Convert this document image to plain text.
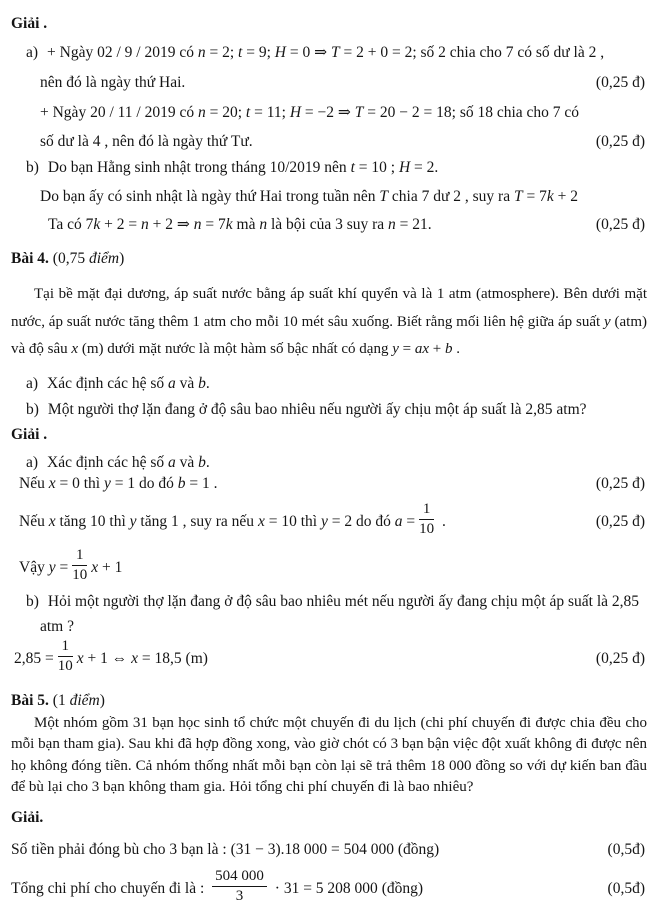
Giải .
a) + Ngày 02 / 9 / 2019 có n = 2; t = 9; H = 0 ⇒ T = 2 + 0 = 2; số 2 chia cho 7 có số dư là 2 ,
nên đó là ngày thứ Hai.	(0,25 đ)
+ Ngày 20 / 11 / 2019 có n = 20; t = 11; H = −2 ⇒ T = 20 − 2 = 18; số 18 chia cho 7 có
số dư là 4 , nên đó là ngày thứ Tư.	(0,25 đ)
b) Do bạn Hằng sinh nhật trong tháng 10/2019 nên t = 10 ; H = 2.
Do bạn ấy có sinh nhật là ngày thứ Hai trong tuần nên T chia 7 dư 2 , suy ra T = 7k + 2
Ta có 7k + 2 = n + 2 ⇒ n = 7k mà n là bội của 3 suy ra n = 21.	(0,25 đ)
Bài 4. (0,75 điểm)
Tại bề mặt đại dương, áp suất nước bằng áp suất khí quyển và là 1 atm (atmosphere). Bên dưới mặt nước, áp suất nước tăng thêm 1 atm cho mỗi 10 mét sâu xuống. Biết rằng mối liên hệ giữa áp suất y (atm) và độ sâu x (m) dưới mặt nước là một hàm số bậc nhất có dạng y = ax + b .
a) Xác định các hệ số a và b.
b) Một người thợ lặn đang ở độ sâu bao nhiêu nếu người ấy chịu một áp suất là 2,85 atm?
Giải .
a) Xác định các hệ số a và b.
Nếu x = 0 thì y = 1 do đó b = 1 .	(0,25 đ)
Nếu x tăng 10 thì y tăng 1 , suy ra nếu x = 10 thì y = 2 do đó $a = \frac{1}{10}$ .	(0,25 đ)
Vậy $y = \frac{1}{10}$ x + 1
b) Hỏi một người thợ lặn đang ở độ sâu bao nhiêu mét nếu người ấy đang chịu một áp suất là 2,85
atm ?
$2,85 = \frac{1}{10}$ x + 1 ⇔ x = 18,5 (m)	(0,25 đ)
Bài 5. (1 điểm)
Một nhóm gồm 31 bạn học sinh tổ chức một chuyến đi du lịch (chi phí chuyến đi được chia đều cho mỗi bạn tham gia). Sau khi đã hợp đồng xong, vào giờ chót có 3 bạn bận việc đột xuất không đi được nên họ không đóng tiền. Cả nhóm thống nhất mỗi bạn còn lại sẽ trả thêm 18 000 đồng so với dự kiến ban đầu để bù lại cho 3 bạn không tham gia. Hỏi tổng chi phí chuyến đi là bao nhiêu?
Giải.
Số tiền phải đóng bù cho 3 bạn là : (31 − 3).18 000 = 504 000 (đồng)	(0,5đ)
Tổng chi phí cho chuyến đi là : $\frac{504 000}{3} \cdot 31 = 5$ 208 000 (đồng)	(0,5đ)
